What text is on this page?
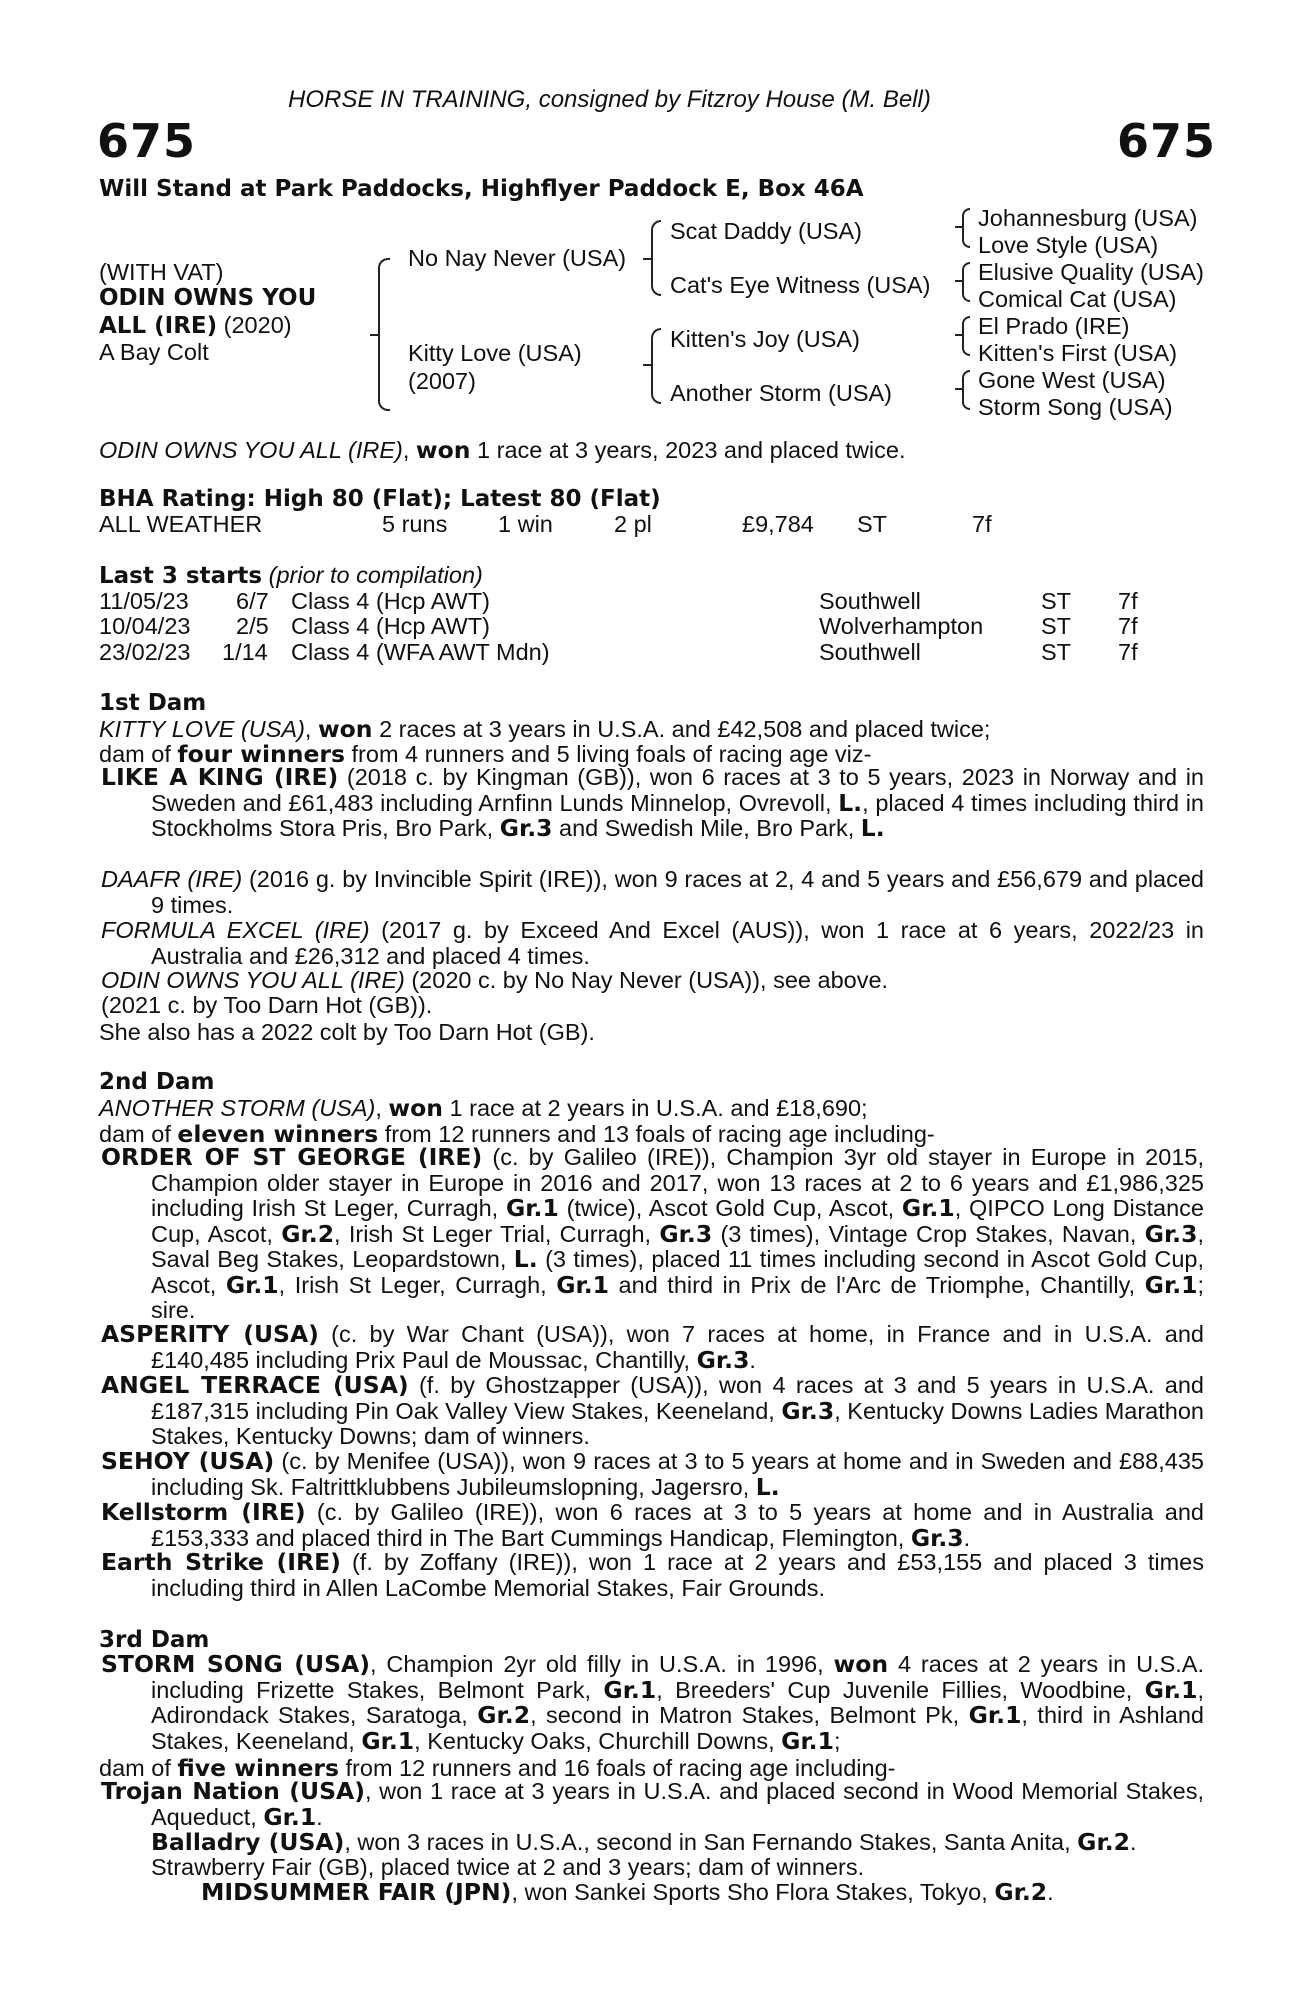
HORSE IN TRAINING, consigned by Fitzroy House (M. Bell)
675	675
Will Stand at Park Paddocks, Highflyer Paddock E, Box 46A
(WITH VAT)
ODIN OWNS YOU
ALL (IRE) (2020)
A Bay Colt
No Nay Never (USA)
Kitty Love (USA)
(2007)
Scat Daddy (USA)
Cat's Eye Witness (USA)
Kitten's Joy (USA)
Another Storm (USA)
Johannesburg (USA)
Love Style (USA)
Elusive Quality (USA)
Comical Cat (USA)
El Prado (IRE)
Kitten's First (USA)
Gone West (USA)
Storm Song (USA)
ODIN OWNS YOU ALL (IRE), won 1 race at 3 years, 2023 and placed twice.
BHA Rating: High 80 (Flat); Latest 80 (Flat)
ALL WEATHER	5 runs 1 win	2 pl	£9,784 ST	7f
Last 3 starts (prior to compilation)
11/05/23 6/7 Class 4 (Hcp AWT)	Southwell	ST 7f
10/04/23 2/5 Class 4 (Hcp AWT)	Wolverhampton ST 7f
23/02/23 1/14 Class 4 (WFA AWT Mdn)	Southwell	ST 7f
1st Dam
KITTY LOVE (USA), won 2 races at 3 years in U.S.A. and £42,508 and placed twice;
dam of four winners from 4 runners and 5 living foals of racing age viz-

LIKE A KING (IRE) (2018 c. by Kingman (GB)), won 6 races at 3 to 5 years, 2023 in Norway and in Sweden and £61,483 including Arnfinn Lunds Minnelop, Ovrevoll, L., placed 4 times including third in Stockholms Stora Pris, Bro Park, Gr.3 and Swedish Mile, Bro Park, L.

DAAFR (IRE) (2016 g. by Invincible Spirit (IRE)), won 9 races at 2, 4 and 5 years and £56,679 and placed 9 times.

FORMULA EXCEL (IRE) (2017 g. by Exceed And Excel (AUS)), won 1 race at 6 years, 2022/23 in Australia and £26,312 and placed 4 times.

ODIN OWNS YOU ALL (IRE) (2020 c. by No Nay Never (USA)), see above.

(2021 c. by Too Darn Hot (GB)).

She also has a 2022 colt by Too Darn Hot (GB).
2nd Dam
ANOTHER STORM (USA), won 1 race at 2 years in U.S.A. and £18,690;
dam of eleven winners from 12 runners and 13 foals of racing age including-

ORDER OF ST GEORGE (IRE) (c. by Galileo (IRE)), Champion 3yr old stayer in Europe in 2015, Champion older stayer in Europe in 2016 and 2017, won 13 races at 2 to 6 years and £1,986,325 including Irish St Leger, Curragh, Gr.1 (twice), Ascot Gold Cup, Ascot, Gr.1, QIPCO Long Distance Cup, Ascot, Gr.2, Irish St Leger Trial, Curragh, Gr.3 (3 times), Vintage Crop Stakes, Navan, Gr.3, Saval Beg Stakes, Leopardstown, L. (3 times), placed 11 times including second in Ascot Gold Cup, Ascot, Gr.1, Irish St Leger, Curragh, Gr.1 and third in Prix de l'Arc de Triomphe, Chantilly, Gr.1; sire.

ASPERITY (USA) (c. by War Chant (USA)), won 7 races at home, in France and in U.S.A. and £140,485 including Prix Paul de Moussac, Chantilly, Gr.3.

ANGEL TERRACE (USA) (f. by Ghostzapper (USA)), won 4 races at 3 and 5 years in U.S.A. and £187,315 including Pin Oak Valley View Stakes, Keeneland, Gr.3, Kentucky Downs Ladies Marathon Stakes, Kentucky Downs; dam of winners.

SEHOY (USA) (c. by Menifee (USA)), won 9 races at 3 to 5 years at home and in Sweden and £88,435 including Sk. Faltrittklubbens Jubileumslopning, Jagersro, L.

Kellstorm (IRE) (c. by Galileo (IRE)), won 6 races at 3 to 5 years at home and in Australia and £153,333 and placed third in The Bart Cummings Handicap, Flemington, Gr.3.

Earth Strike (IRE) (f. by Zoffany (IRE)), won 1 race at 2 years and £53,155 and placed 3 times including third in Allen LaCombe Memorial Stakes, Fair Grounds.

3rd Dam

STORM SONG (USA), Champion 2yr old filly in U.S.A. in 1996, won 4 races at 2 years in U.S.A. including Frizette Stakes, Belmont Park, Gr.1, Breeders' Cup Juvenile Fillies, Woodbine, Gr.1, Adirondack Stakes, Saratoga, Gr.2, second in Matron Stakes, Belmont Pk, Gr.1, third in Ashland Stakes, Keeneland, Gr.1, Kentucky Oaks, Churchill Downs, Gr.1;

dam of five winners from 12 runners and 16 foals of racing age including-

Trojan Nation (USA), won 1 race at 3 years in U.S.A. and placed second in Wood Memorial Stakes, Aqueduct, Gr.1.

Balladry (USA), won 3 races in U.S.A., second in San Fernando Stakes, Santa Anita, Gr.2.
Strawberry Fair (GB), placed twice at 2 and 3 years; dam of winners.
MIDSUMMER FAIR (JPN), won Sankei Sports Sho Flora Stakes, Tokyo, Gr.2.
